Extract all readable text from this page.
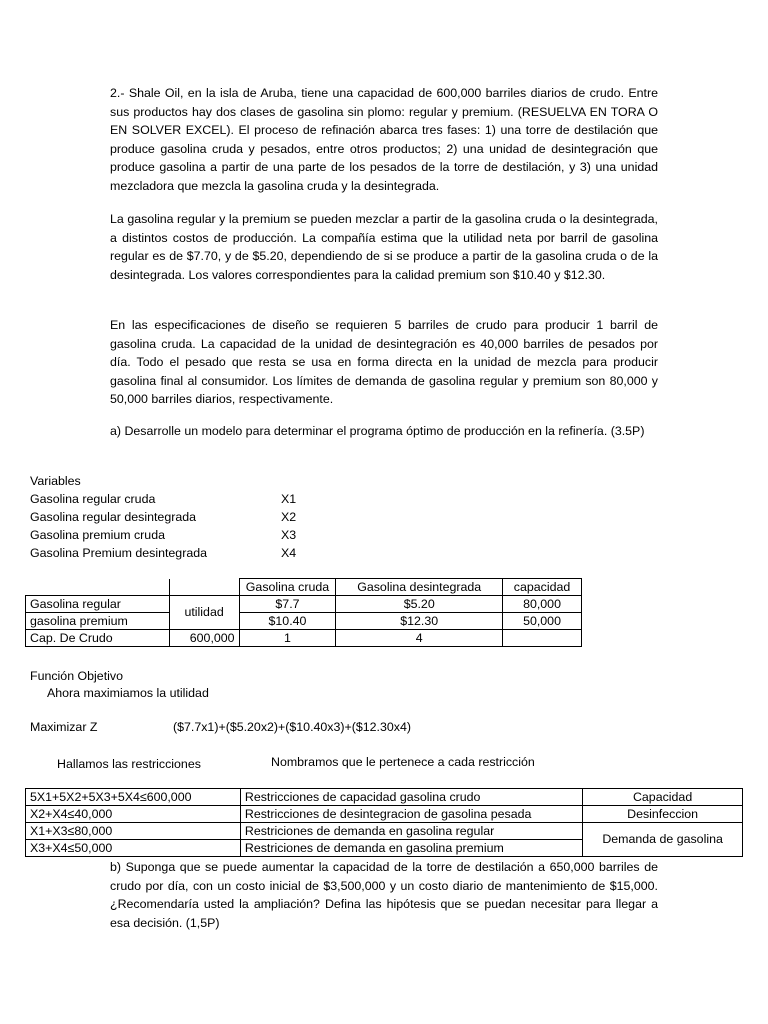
2.- Shale Oil, en la isla de Aruba, tiene una capacidad de 600,000 barriles diarios de crudo. Entre sus productos hay dos clases de gasolina sin plomo: regular y premium. (RESUELVA EN TORA O EN SOLVER EXCEL). El proceso de refinación abarca tres fases: 1) una torre de destilación que produce gasolina cruda y pesados, entre otros productos; 2) una unidad de desintegración que produce gasolina a partir de una parte de los pesados de la torre de destilación, y 3) una unidad mezcladora que mezcla la gasolina cruda y la desintegrada.

La gasolina regular y la premium se pueden mezclar a partir de la gasolina cruda o la desintegrada, a distintos costos de producción. La compañía estima que la utilidad neta por barril de gasolina regular es de $7.70, y de $5.20, dependiendo de si se produce a partir de la gasolina cruda o de la desintegrada. Los valores correspondientes para la calidad premium son $10.40 y $12.30.

En las especificaciones de diseño se requieren 5 barriles de crudo para producir 1 barril de gasolina cruda. La capacidad de la unidad de desintegración es 40,000 barriles de pesados por día. Todo el pesado que resta se usa en forma directa en la unidad de mezcla para producir gasolina final al consumidor. Los límites de demanda de gasolina regular y premium son 80,000 y 50,000 barriles diarios, respectivamente.

a) Desarrolle un modelo para determinar el programa óptimo de producción en la refinería. (3.5P)

Variables
Gasolina regular cruda	X1
Gasolina regular desintegrada	X2
Gasolina premium cruda	X3
Gasolina Premium desintegrada	X4
		Gasolina cruda	Gasolina desintegrada	capacidad
Gasolina regular	utilidad	$7.7	$5.20	80,000
gasolina premium		$10.40	$12.30	50,000
Cap. De Crudo	600,000	1	4	
Función Objetivo
Ahora maximiamos la utilidad
Maximizar Z	($7.7x1)+($5.20x2)+($10.40x3)+($12.30x4)
Hallamos las restricciones	Nombramos que le pertenece a cada restricción
5X1+5X2+5X3+5X4≤600,000	Restricciones de capacidad gasolina crudo	Capacidad
X2+X4≤40,000	Restricciones de desintegracion de gasolina pesada	Desinfeccion
X1+X3≤80,000	Restriciones de demanda en gasolina regular	Demanda de gasolina
X3+X4≤50,000	Restriciones de demanda en gasolina premium	

b) Suponga que se puede aumentar la capacidad de la torre de destilación a 650,000 barriles de crudo por día, con un costo inicial de $3,500,000 y un costo diario de mantenimiento de $15,000. ¿Recomendaría usted la ampliación? Defina las hipótesis que se puedan necesitar para llegar a esa decisión. (1,5P)
